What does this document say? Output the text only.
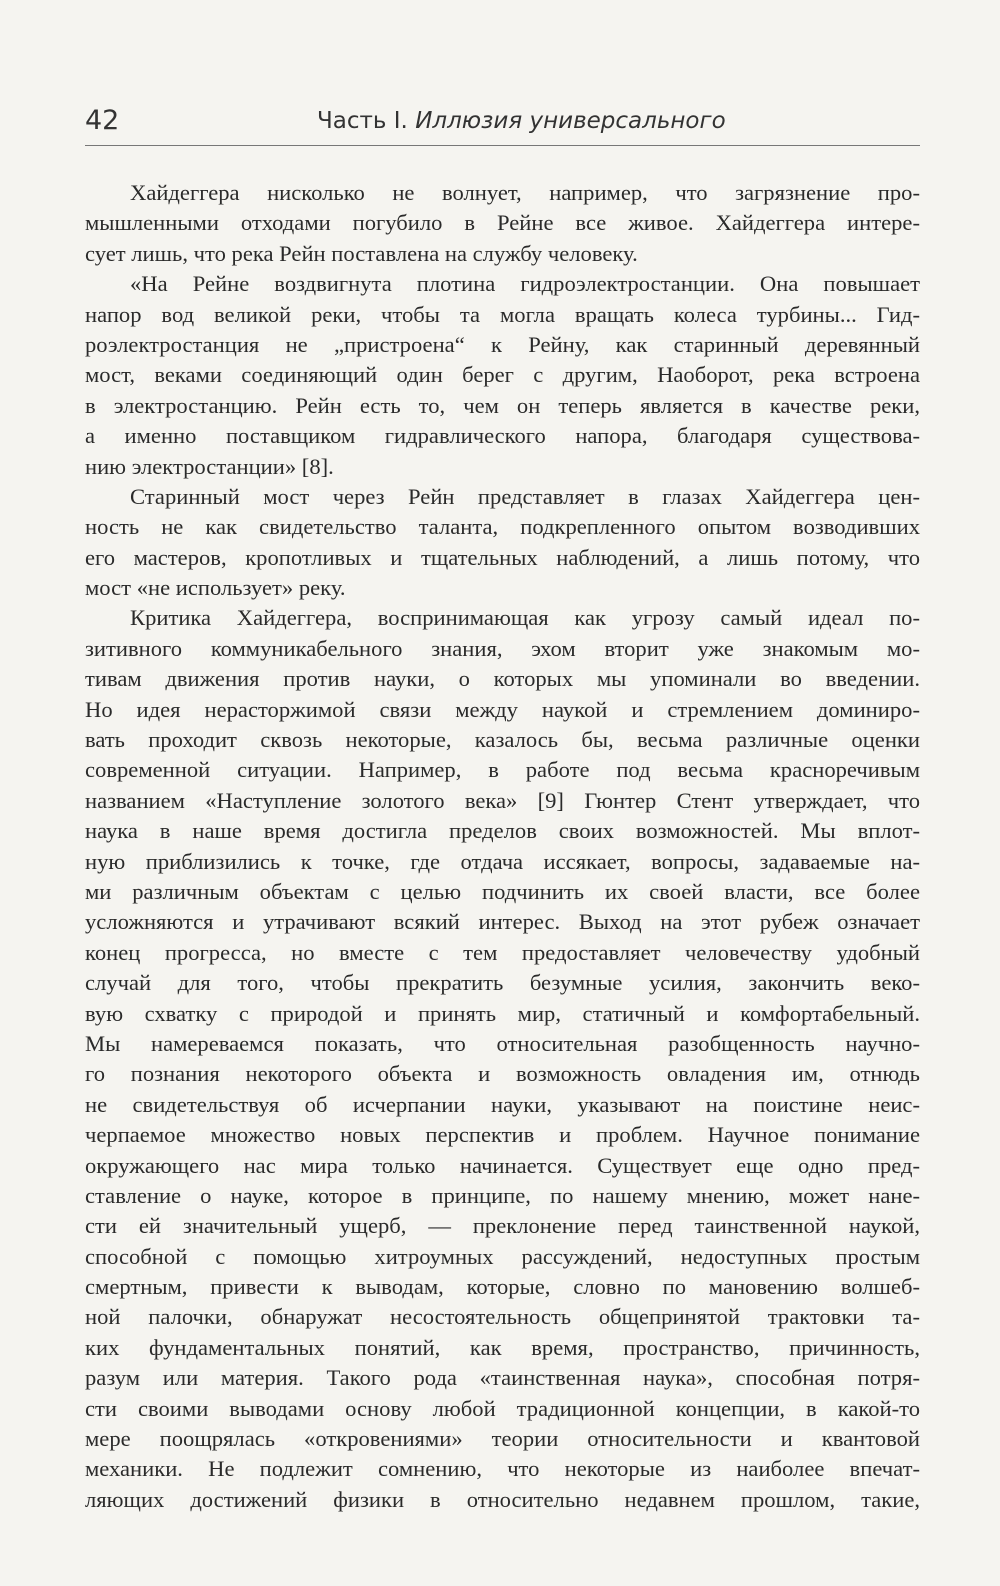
42	Часть I. Иллюзия универсального
Хайдеггера нисколько не волнует, например, что загрязнение про-
мышленными отходами погубило в Рейне все живое. Хайдеггера интере-
сует лишь, что река Рейн поставлена на службу человеку.
«На Рейне воздвигнута плотина гидроэлектростанции. Она повышает
напор вод великой реки, чтобы та могла вращать колеса турбины... Гид-
роэлектростанция не „пристроена“ к Рейну, как старинный деревянный
мост, веками соединяющий один берег с другим, Наоборот, река встроена
в электростанцию. Рейн есть то, чем он теперь является в качестве реки,
а именно поставщиком гидравлического напора, благодаря существова-
нию электростанции» [8].
Старинный мост через Рейн представляет в глазах Хайдеггера цен-
ность не как свидетельство таланта, подкрепленного опытом возводивших
его мастеров, кропотливых и тщательных наблюдений, а лишь потому, что
мост «не использует» реку.
Критика Хайдеггера, воспринимающая как угрозу самый идеал по-
зитивного коммуникабельного знания, эхом вторит уже знакомым мо-
тивам движения против науки, о которых мы упоминали во введении.
Но идея нерасторжимой связи между наукой и стремлением доминиро-
вать проходит сквозь некоторые, казалось бы, весьма различные оценки
современной ситуации. Например, в работе под весьма красноречивым
названием «Наступление золотого века» [9] Гюнтер Стент утверждает, что
наука в наше время достигла пределов своих возможностей. Мы вплот-
ную приблизились к точке, где отдача иссякает, вопросы, задаваемые на-
ми различным объектам с целью подчинить их своей власти, все более
усложняются и утрачивают всякий интерес. Выход на этот рубеж означает
конец прогресса, но вместе с тем предоставляет человечеству удобный
случай для того, чтобы прекратить безумные усилия, закончить веко-
вую схватку с природой и принять мир, статичный и комфортабельный.
Мы намереваемся показать, что относительная разобщенность научно-
го познания некоторого объекта и возможность овладения им, отнюдь
не свидетельствуя об исчерпании науки, указывают на поистине неис-
черпаемое множество новых перспектив и проблем. Научное понимание
окружающего нас мира только начинается. Существует еще одно пред-
ставление о науке, которое в принципе, по нашему мнению, может нане-
сти ей значительный ущерб, — преклонение перед таинственной наукой,
способной с помощью хитроумных рассуждений, недоступных простым
смертным, привести к выводам, которые, словно по мановению волшеб-
ной палочки, обнаружат несостоятельность общепринятой трактовки та-
ких фундаментальных понятий, как время, пространство, причинность,
разум или материя. Такого рода «таинственная наука», способная потря-
сти своими выводами основу любой традиционной концепции, в какой-то
мере поощрялась «откровениями» теории относительности и квантовой
механики. Не подлежит сомнению, что некоторые из наиболее впечат-
ляющих достижений физики в относительно недавнем прошлом, такие,
